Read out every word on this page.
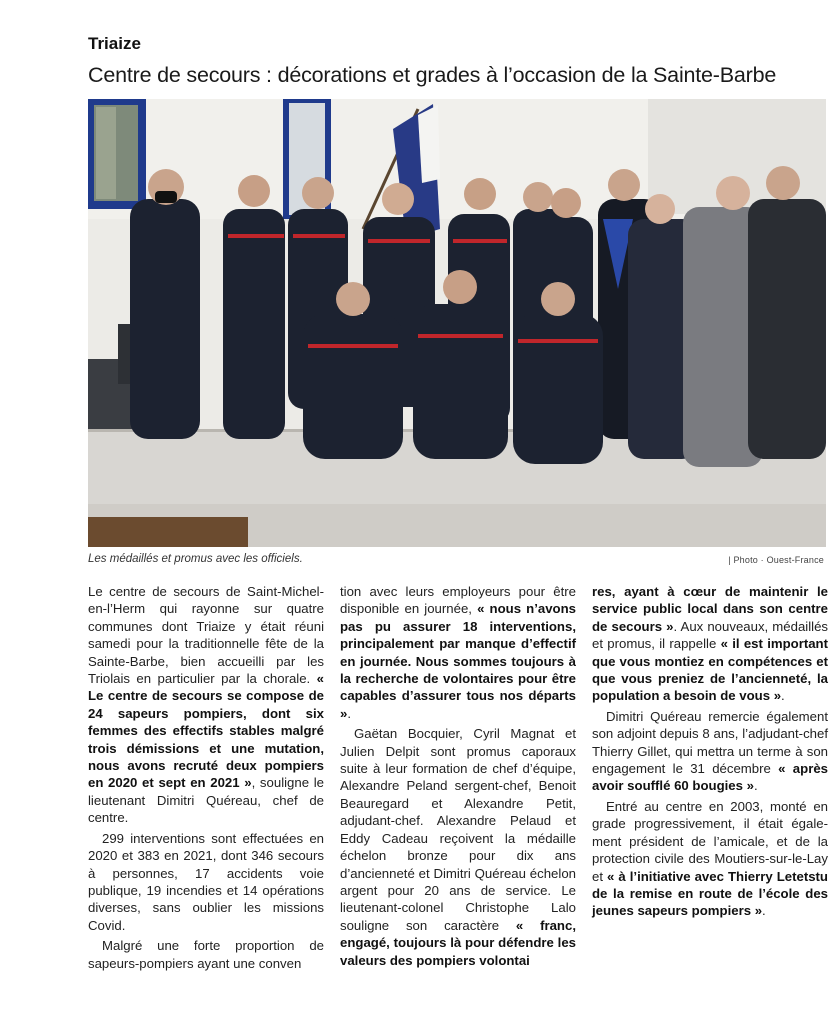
Triaize
Centre de secours : décorations et grades à l’occasion de la Sainte-Barbe
Les médaillés et promus avec les officiels.	| Photo · Ouest-France

Le centre de secours de Saint-Michel-en-l’Herm qui rayonne sur quatre communes dont Triaize y était réuni samedi pour la traditionnelle fête de la Sainte-Barbe, bien accueilli par les Triolais en particulier par la chorale. « Le centre de secours se compose de 24 sapeurs pompiers, dont six femmes des effectifs stables malgré trois démissions et une mutation, nous avons recruté deux pompiers en 2020 et sept en 2021 », souligne le lieutenant Dimitri Quéreau, chef de centre.

299 interventions sont effectuées en 2020 et 383 en 2021, dont 346 secours à personnes, 17 accidents voie publique, 19 incendies et 14 opérations diverses, sans oublier les missions Covid.

Malgré une forte proportion de sapeurs-pompiers ayant une conven

tion avec leurs employeurs pour être disponible en journée, « nous n’avons pas pu assurer 18 interventions, principalement par manque d’effectif en journée. Nous sommes toujours à la recherche de volontaires pour être capables d’assurer tous nos départs ».

Gaëtan Bocquier, Cyril Magnat et Julien Delpit sont promus caporaux suite à leur formation de chef d’équipe, Alexandre Peland sergent-chef, Benoit Beauregard et Alexandre Petit, adjudant-chef. Alexandre Pelaud et Eddy Cadeau reçoivent la médaille échelon bronze pour dix ans d’ancienneté et Dimitri Quéreau échelon argent pour 20 ans de service. Le lieutenant-colonel Christophe Lalo souligne son caractère « franc, engagé, toujours là pour défendre les valeurs des pompiers volontai

res, ayant à cœur de maintenir le service public local dans son centre de secours ». Aux nouveaux, médaillés et promus, il rappelle « il est important que vous montiez en compétences et que vous preniez de l’ancienneté, la population a besoin de vous ».

Dimitri Quéreau remercie également son adjoint depuis 8 ans, l’adjudant-chef Thierry Gillet, qui mettra un terme à son engagement le 31 décembre « après avoir soufflé 60 bougies ».

Entré au centre en 2003, monté en grade progressivement, il était également président de l’amicale, et de la protection civile des Moutiers-sur-le-Lay et « à l’initiative avec Thierry Letetstu de la remise en route de l’école des jeunes sapeurs pompiers ».
